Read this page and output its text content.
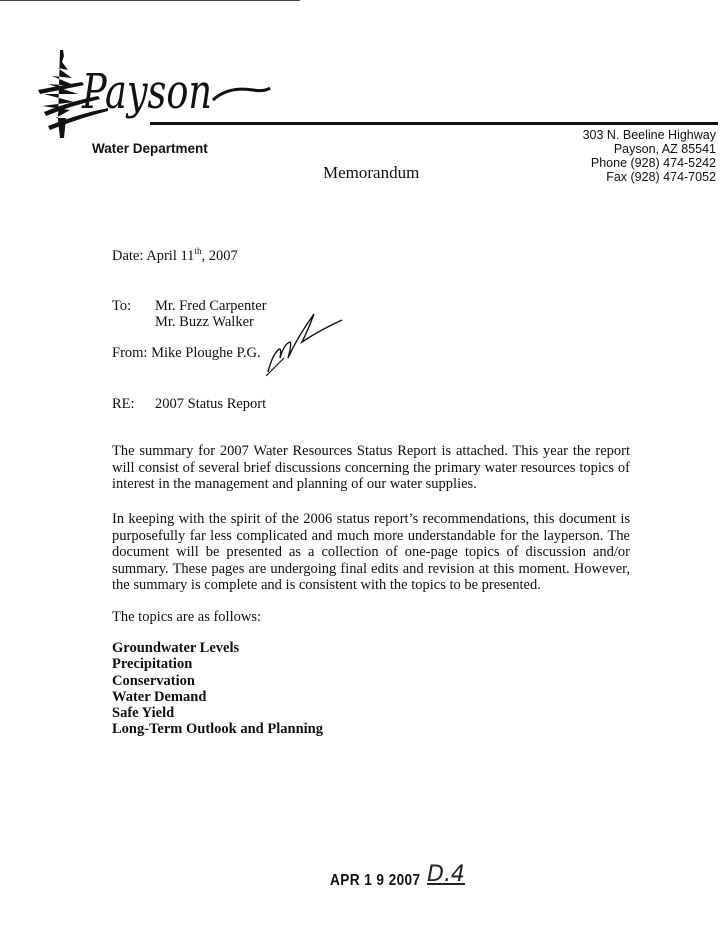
Payson
Water Department
303 N. Beeline Highway
Payson, AZ 85541
Phone (928) 474-5242
Fax (928) 474-7052
Memorandum
Date: April 11th, 2007
To: Mr. Fred Carpenter
Mr. Buzz Walker
From: Mike Ploughe P.G.
RE: 2007 Status Report

The summary for 2007 Water Resources Status Report is attached. This year the report will consist of several brief discussions concerning the primary water resources topics of interest in the management and planning of our water supplies.

In keeping with the spirit of the 2006 status report’s recommendations, this document is purposefully far less complicated and much more understandable for the layperson. The document will be presented as a collection of one-page topics of discussion and/or summary. These pages are undergoing final edits and revision at this moment. However, the summary is complete and is consistent with the topics to be presented.

The topics are as follows:

Groundwater Levels
Precipitation
Conservation
Water Demand
Safe Yield
Long-Term Outlook and Planning
APR 1 9 2007 D.4
